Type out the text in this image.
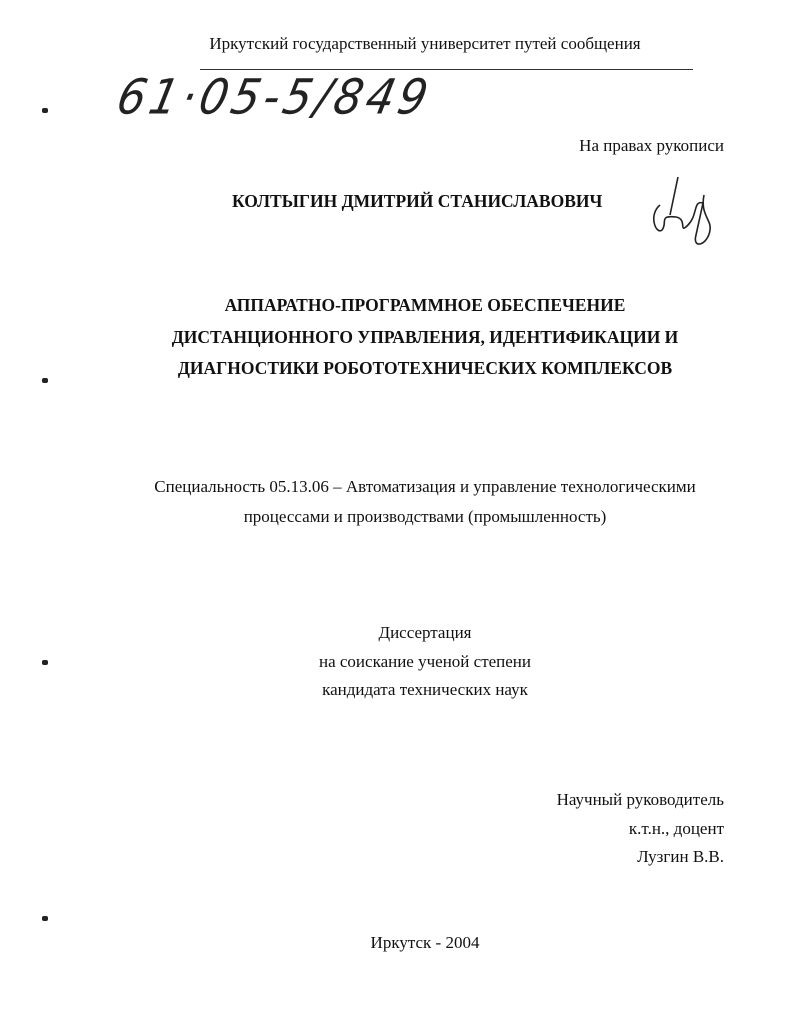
Иркутский государственный университет путей сообщения
61·05-5/849
На правах рукописи
КОЛТЫГИН ДМИТРИЙ СТАНИСЛАВОВИЧ
АППАРАТНО-ПРОГРАММНОЕ ОБЕСПЕЧЕНИЕ
ДИСТАНЦИОННОГО УПРАВЛЕНИЯ, ИДЕНТИФИКАЦИИ И
ДИАГНОСТИКИ РОБОТОТЕХНИЧЕСКИХ КОМПЛЕКСОВ
Специальность 05.13.06 – Автоматизация и управление технологическими
процессами и производствами (промышленность)
Диссертация
на соискание ученой степени
кандидата технических наук
Научный руководитель
к.т.н., доцент
Лузгин В.В.
Иркутск - 2004
